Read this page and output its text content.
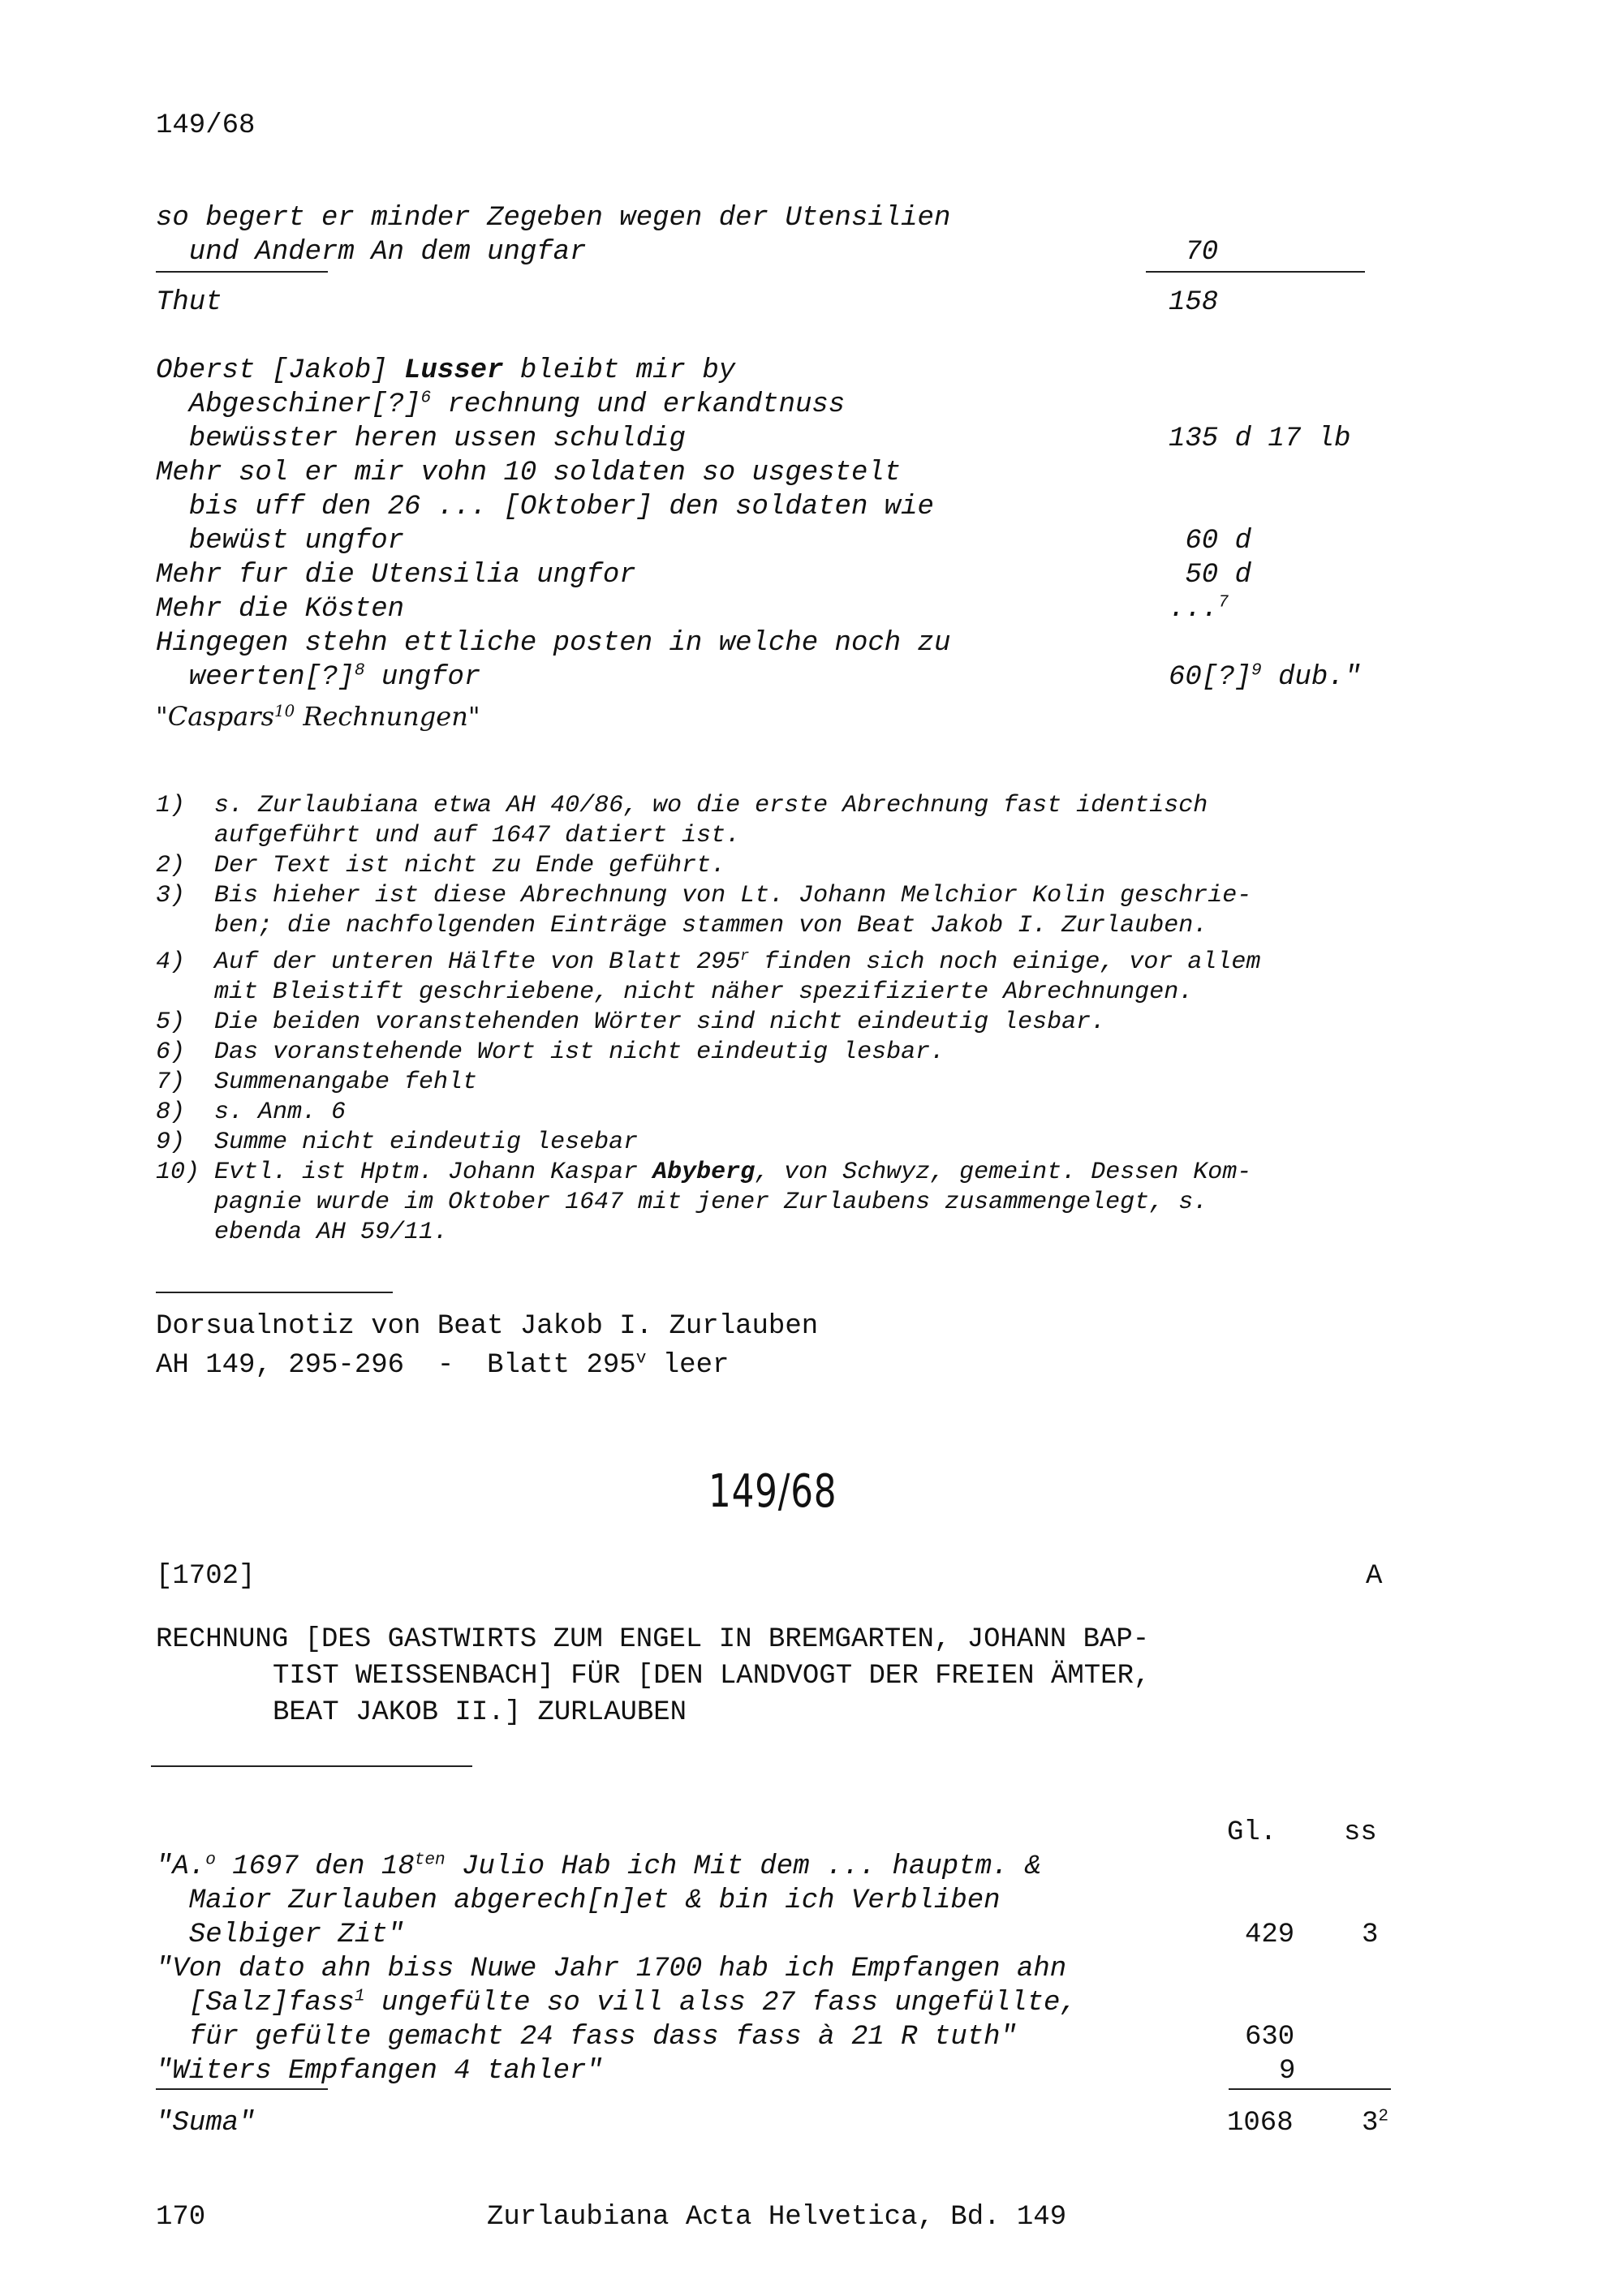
149/68
so begert er minder Zegeben wegen der Utensilien
und Anderm An dem ungfar	70
Thut	158
Oberst [Jakob] Lusser bleibt mir by
Abgeschiner[?]$^6$ rechnung und erkandtnuss
bewüsster heren ussen schuldig	135 d 17 lb
Mehr sol er mir vohn 10 soldaten so usgestelt
bis uff den 26 ... [Oktober] den soldaten wie
bewüst ungfor	60 d
Mehr fur die Utensilia ungfor	50 d
Mehr die Kösten	...$^7$
Hingegen stehn ettliche posten in welche noch zu
weerten[?]$^8$ ungfor	60[?]$^9$ dub."
"Caspars$^{10}$ Rechnungen"
1) s. Zurlaubiana etwa AH 40/86, wo die erste Abrechnung fast identisch
aufgeführt und auf 1647 datiert ist.
2) Der Text ist nicht zu Ende geführt.
3) Bis hieher ist diese Abrechnung von Lt. Johann Melchior Kolin geschrie-
ben; die nachfolgenden Einträge stammen von Beat Jakob I. Zurlauben.
4) Auf der unteren Hälfte von Blatt 295$^r$ finden sich noch einige, vor allem
mit Bleistift geschriebene, nicht näher spezifizierte Abrechnungen.
5) Die beiden voranstehenden Wörter sind nicht eindeutig lesbar.
6) Das voranstehende Wort ist nicht eindeutig lesbar.
7) Summenangabe fehlt
8) s. Anm. 6
9) Summe nicht eindeutig lesebar
10) Evtl. ist Hptm. Johann Kaspar Abyberg, von Schwyz, gemeint. Dessen Kom-
pagnie wurde im Oktober 1647 mit jener Zurlaubens zusammengelegt, s.
ebenda AH 59/11.
Dorsualnotiz von Beat Jakob I. Zurlauben
AH 149, 295-296  -  Blatt 295$^v$ leer
149/68
[1702]	A
RECHNUNG [DES GASTWIRTS ZUM ENGEL IN BREMGARTEN, JOHANN BAP-
TIST WEISSENBACH] FÜR [DEN LANDVOGT DER FREIEN ÄMTER,
BEAT JAKOB II.] ZURLAUBEN
Gl. ss
"A.$^o$ 1697 den $18^{ten}$ Julio Hab ich Mit dem ... hauptm. &
Maior Zurlauben abgerech[n]et & bin ich Verbliben
Selbiger Zit"	429 3
"Von dato ahn biss Nuwe Jahr 1700 hab ich Empfangen ahn
[Salz]fass$^1$ ungefülte so vill alss 27 fass ungefüllte,
für gefülte gemacht 24 fass dass fass à 21 R tuth"	630
"Witers Empfangen 4 tahler"	9
"Suma"	1068 $3^2$
170	Zurlaubiana Acta Helvetica, Bd. 149
